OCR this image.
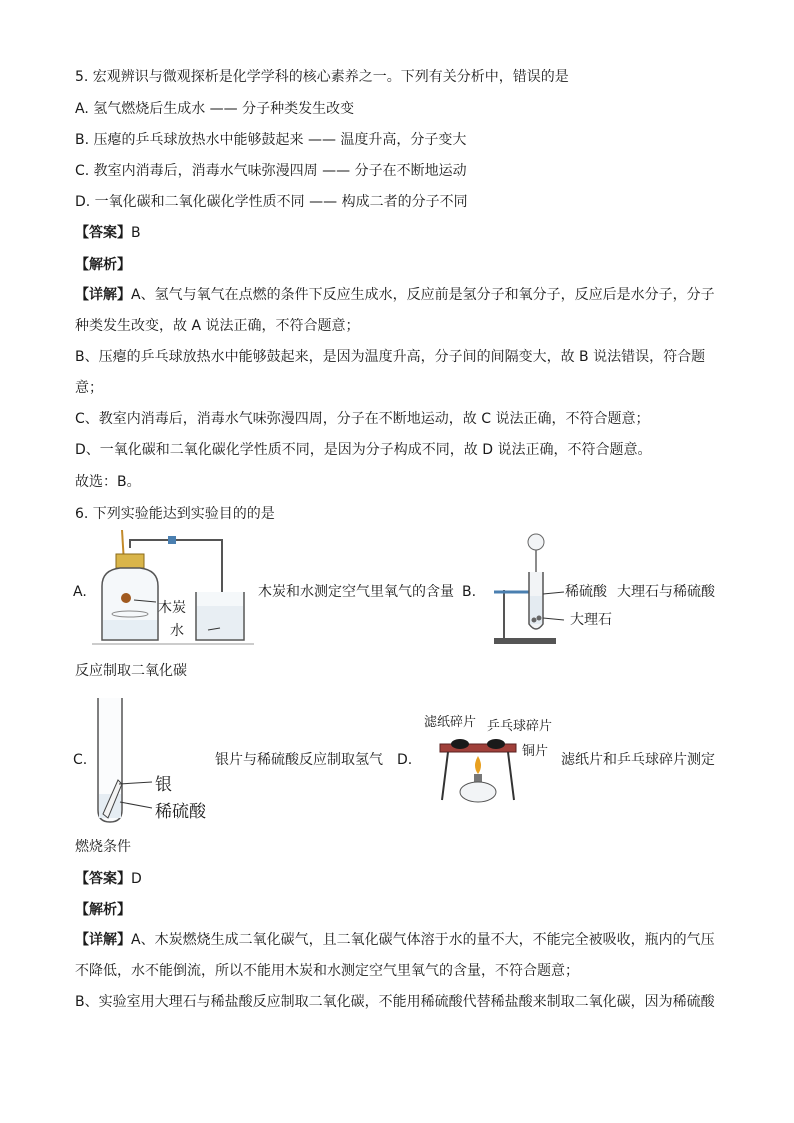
5. 宏观辨识与微观探析是化学学科的核心素养之一。下列有关分析中，错误的是
A. 氢气燃烧后生成水 —— 分子种类发生改变
B. 压瘪的乒乓球放热水中能够鼓起来 —— 温度升高，分子变大
C. 教室内消毒后，消毒水气味弥漫四周 —— 分子在不断地运动
D. 一氧化碳和二氧化碳化学性质不同 —— 构成二者的分子不同
【答案】B
【解析】
【详解】A、氢气与氧气在点燃的条件下反应生成水，反应前是氢分子和氧分子，反应后是水分子，分子种类发生改变，故 A 说法正确，不符合题意；
B、压瘪的乒乓球放热水中能够鼓起来，是因为温度升高，分子间的间隔变大，故 B 说法错误，符合题意；
C、教室内消毒后，消毒水气味弥漫四周，分子在不断地运动，故 C 说法正确，不符合题意；
D、一氧化碳和二氧化碳化学性质不同，是因为分子构成不同，故 D 说法正确，不符合题意。
故选：B。
6. 下列实验能达到实验目的的是
A.
木炭
水
木炭和水测定空气里氧气的含量 B.	稀硫酸
大理石
大理石与稀硫酸
反应制取二氧化碳
C.
银
稀硫酸
银片与稀硫酸反应制取氢气 D.
滤纸碎片 乒乓球碎片
铜片
滤纸片和乒乓球碎片测定
燃烧条件
【答案】D
【解析】
【详解】A、木炭燃烧生成二氧化碳气，且二氧化碳气体溶于水的量不大，不能完全被吸收，瓶内的气压不降低，水不能倒流，所以不能用木炭和水测定空气里氧气的含量，不符合题意；
B、实验室用大理石与稀盐酸反应制取二氧化碳，不能用稀硫酸代替稀盐酸来制取二氧化碳，因为稀硫酸
